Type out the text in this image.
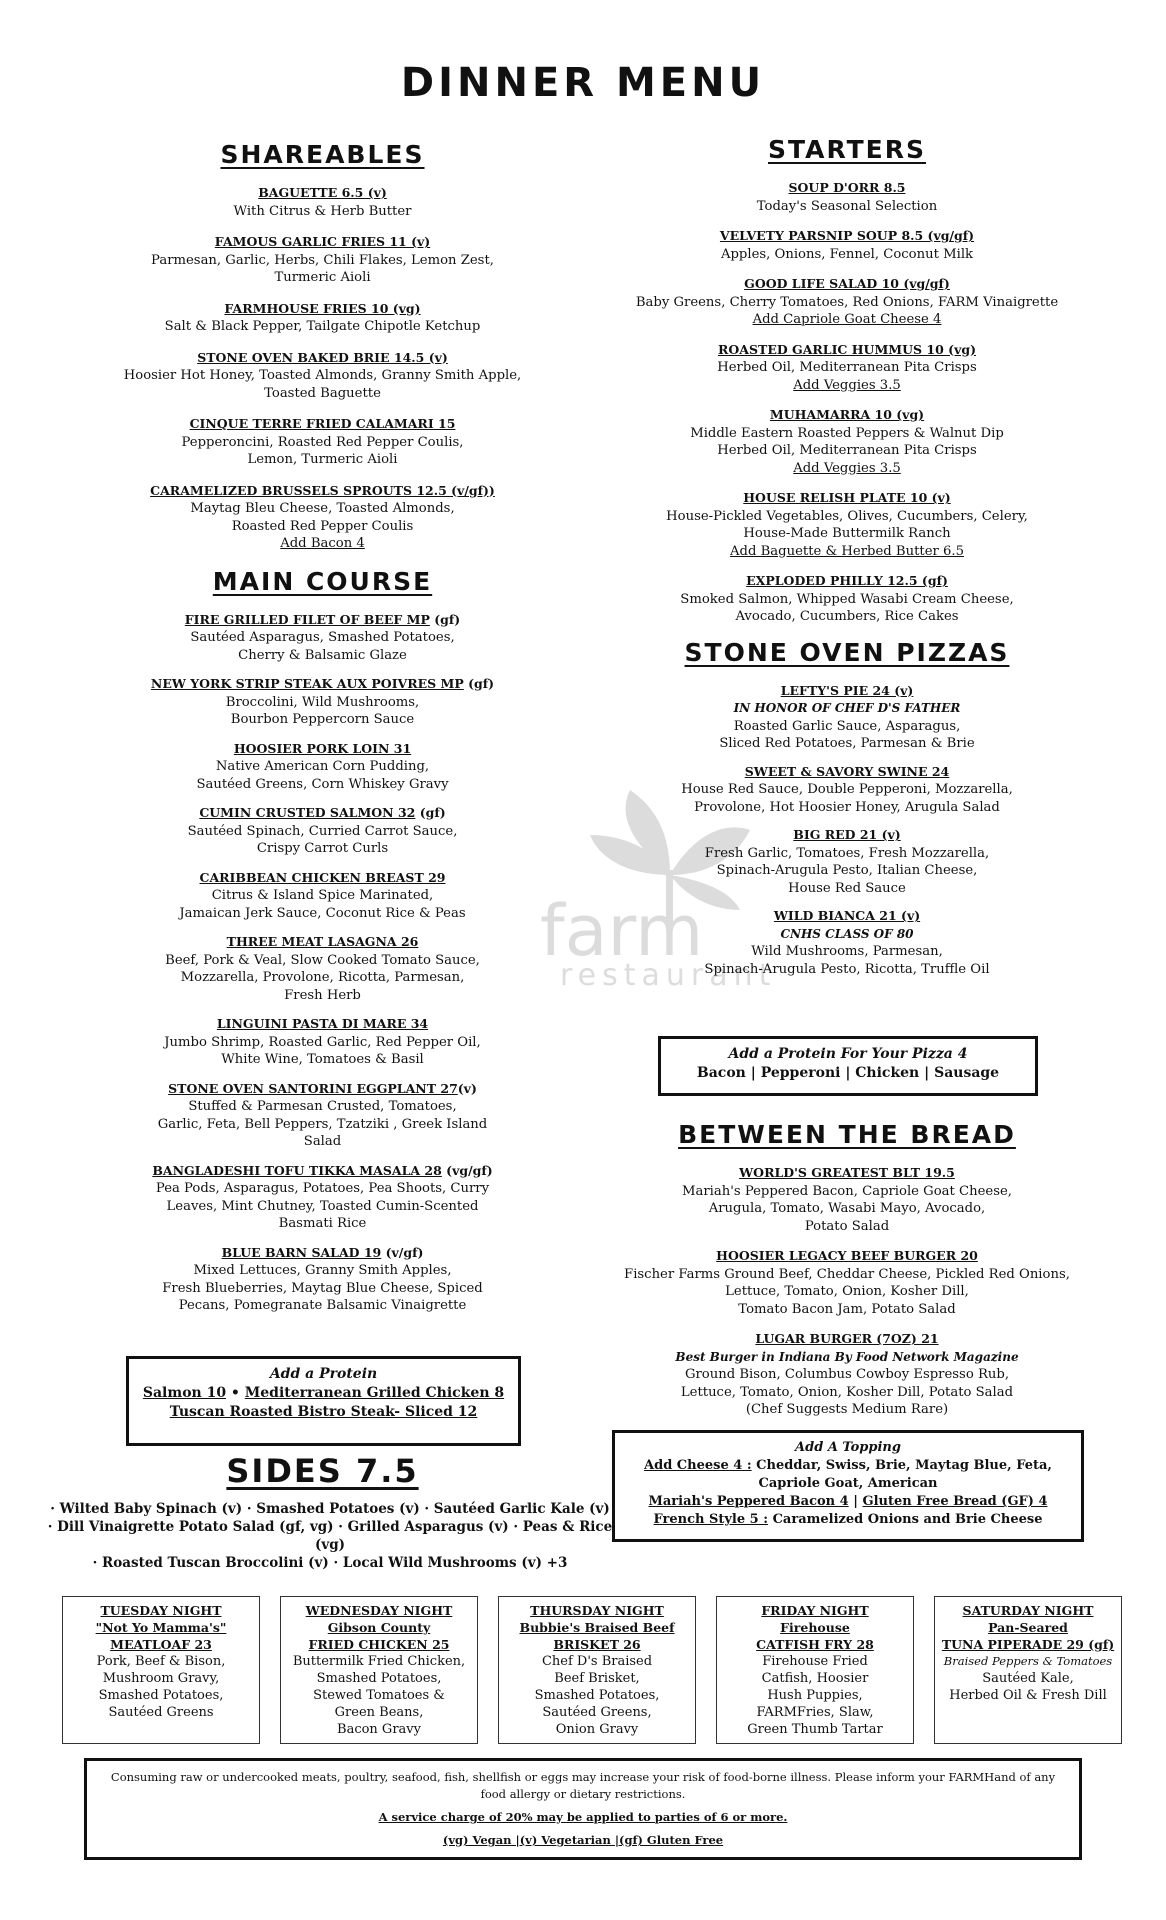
DINNER MENU
farm
restaurant
SHAREABLES
BAGUETTE 6.5 (v)
With Citrus & Herb Butter
FAMOUS GARLIC FRIES 11 (v)
Parmesan, Garlic, Herbs, Chili Flakes, Lemon Zest,
Turmeric Aioli
FARMHOUSE FRIES 10 (vg)
Salt & Black Pepper, Tailgate Chipotle Ketchup
STONE OVEN BAKED BRIE 14.5 (v)
Hoosier Hot Honey, Toasted Almonds, Granny Smith Apple,
Toasted Baguette
CINQUE TERRE FRIED CALAMARI 15
Pepperoncini, Roasted Red Pepper Coulis,
Lemon, Turmeric Aioli
CARAMELIZED BRUSSELS SPROUTS 12.5 (v/gf))
Maytag Bleu Cheese, Toasted Almonds,
Roasted Red Pepper Coulis
Add Bacon 4
MAIN COURSE
FIRE GRILLED FILET OF BEEF MP (gf)
Sautéed Asparagus, Smashed Potatoes,
Cherry & Balsamic Glaze
NEW YORK STRIP STEAK AUX POIVRES MP (gf)
Broccolini, Wild Mushrooms,
Bourbon Peppercorn Sauce
HOOSIER PORK LOIN 31
Native American Corn Pudding,
Sautéed Greens, Corn Whiskey Gravy
CUMIN CRUSTED SALMON 32 (gf)
Sautéed Spinach, Curried Carrot Sauce,
Crispy Carrot Curls
CARIBBEAN CHICKEN BREAST 29
Citrus & Island Spice Marinated,
Jamaican Jerk Sauce, Coconut Rice & Peas
THREE MEAT LASAGNA 26
Beef, Pork & Veal, Slow Cooked Tomato Sauce,
Mozzarella, Provolone, Ricotta, Parmesan,
Fresh Herb
LINGUINI PASTA DI MARE 34
Jumbo Shrimp, Roasted Garlic, Red Pepper Oil,
White Wine, Tomatoes & Basil
STONE OVEN SANTORINI EGGPLANT 27(v)
Stuffed & Parmesan Crusted, Tomatoes,
Garlic, Feta, Bell Peppers, Tzatziki , Greek Island
Salad
BANGLADESHI TOFU TIKKA MASALA 28 (vg/gf)
Pea Pods, Asparagus, Potatoes, Pea Shoots, Curry
Leaves, Mint Chutney, Toasted Cumin-Scented
Basmati Rice
BLUE BARN SALAD 19 (v/gf)
Mixed Lettuces, Granny Smith Apples,
Fresh Blueberries, Maytag Blue Cheese, Spiced
Pecans, Pomegranate Balsamic Vinaigrette
Add a Protein
Salmon 10 • Mediterranean Grilled Chicken 8
Tuscan Roasted Bistro Steak- Sliced 12
SIDES 7.5
· Wilted Baby Spinach (v) · Smashed Potatoes (v) · Sautéed Garlic Kale (v)
· Dill Vinaigrette Potato Salad (gf, vg) · Grilled Asparagus (v) · Peas & Rice (vg)
· Roasted Tuscan Broccolini (v) · Local Wild Mushrooms (v) +3
STARTERS
SOUP D'ORR 8.5
Today's Seasonal Selection
VELVETY PARSNIP SOUP 8.5 (vg/gf)
Apples, Onions, Fennel, Coconut Milk
GOOD LIFE SALAD 10 (vg/gf)
Baby Greens, Cherry Tomatoes, Red Onions, FARM Vinaigrette
Add Capriole Goat Cheese 4
ROASTED GARLIC HUMMUS 10 (vg)
Herbed Oil, Mediterranean Pita Crisps
Add Veggies 3.5
MUHAMARRA 10 (vg)
Middle Eastern Roasted Peppers & Walnut Dip
Herbed Oil, Mediterranean Pita Crisps
Add Veggies 3.5
HOUSE RELISH PLATE 10 (v)
House-Pickled Vegetables, Olives, Cucumbers, Celery,
House-Made Buttermilk Ranch
Add Baguette & Herbed Butter 6.5
EXPLODED PHILLY 12.5 (gf)
Smoked Salmon, Whipped Wasabi Cream Cheese,
Avocado, Cucumbers, Rice Cakes
STONE OVEN PIZZAS
LEFTY'S PIE 24 (v)
IN HONOR OF CHEF D'S FATHER
Roasted Garlic Sauce, Asparagus,
Sliced Red Potatoes, Parmesan & Brie
SWEET & SAVORY SWINE 24
House Red Sauce, Double Pepperoni, Mozzarella,
Provolone, Hot Hoosier Honey, Arugula Salad
BIG RED 21 (v)
Fresh Garlic, Tomatoes, Fresh Mozzarella,
Spinach-Arugula Pesto, Italian Cheese,
House Red Sauce
WILD BIANCA 21 (v)
CNHS CLASS OF 80
Wild Mushrooms, Parmesan,
Spinach-Arugula Pesto, Ricotta, Truffle Oil
Add a Protein For Your Pizza 4
Bacon | Pepperoni | Chicken | Sausage
BETWEEN THE BREAD
WORLD'S GREATEST BLT 19.5
Mariah's Peppered Bacon, Capriole Goat Cheese,
Arugula, Tomato, Wasabi Mayo, Avocado,
Potato Salad
HOOSIER LEGACY BEEF BURGER 20
Fischer Farms Ground Beef, Cheddar Cheese, Pickled Red Onions,
Lettuce, Tomato, Onion, Kosher Dill,
Tomato Bacon Jam, Potato Salad
LUGAR BURGER (7OZ) 21
Best Burger in Indiana By Food Network Magazine
Ground Bison, Columbus Cowboy Espresso Rub,
Lettuce, Tomato, Onion, Kosher Dill, Potato Salad
(Chef Suggests Medium Rare)
Add A Topping
Add Cheese 4 : Cheddar, Swiss, Brie, Maytag Blue, Feta,
Capriole Goat, American
Mariah's Peppered Bacon 4 | Gluten Free Bread (GF) 4
French Style 5 : Caramelized Onions and Brie Cheese
TUESDAY NIGHT
"Not Yo Mamma's"
MEATLOAF 23
Pork, Beef & Bison,
Mushroom Gravy,
Smashed Potatoes,
Sautéed Greens
WEDNESDAY NIGHT
Gibson County
FRIED CHICKEN 25
Buttermilk Fried Chicken,
Smashed Potatoes,
Stewed Tomatoes &
Green Beans,
Bacon Gravy
THURSDAY NIGHT
Bubbie's Braised Beef
BRISKET 26
Chef D's Braised
Beef Brisket,
Smashed Potatoes,
Sautéed Greens,
Onion Gravy
FRIDAY NIGHT
Firehouse
CATFISH FRY 28
Firehouse Fried
Catfish, Hoosier
Hush Puppies,
FARMFries, Slaw,
Green Thumb Tartar
SATURDAY NIGHT
Pan-Seared
TUNA PIPERADE 29 (gf)
Braised Peppers & Tomatoes
Sautéed Kale,
Herbed Oil & Fresh Dill
Consuming raw or undercooked meats, poultry, seafood, fish, shellfish or eggs may increase your risk of food-borne illness. Please inform your FARMHand of any food allergy or dietary restrictions.
A service charge of 20% may be applied to parties of 6 or more.
(vg) Vegan |(v) Vegetarian |(gf) Gluten Free
